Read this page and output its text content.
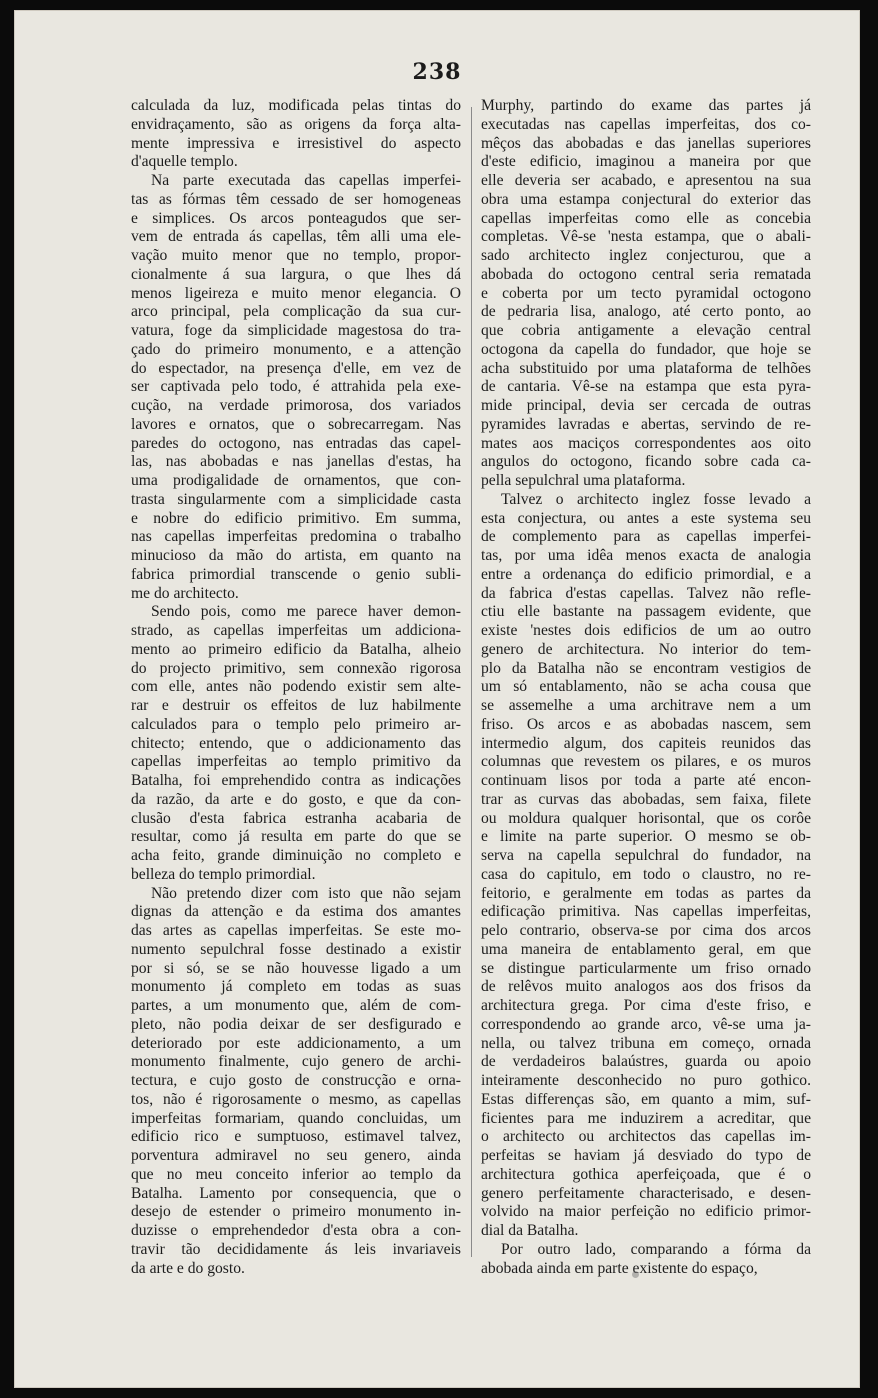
238
calculada da luz, modificada pelas tintas do
envidraçamento, são as origens da força alta-
mente impressiva e irresistivel do aspecto
d'aquelle templo.
Na parte executada das capellas imperfei-
tas as fórmas têm cessado de ser homogeneas
e simplices. Os arcos ponteagudos que ser-
vem de entrada ás capellas, têm alli uma ele-
vação muito menor que no templo, propor-
cionalmente á sua largura, o que lhes dá
menos ligeireza e muito menor elegancia. O
arco principal, pela complicação da sua cur-
vatura, foge da simplicidade magestosa do tra-
çado do primeiro monumento, e a attenção
do espectador, na presença d'elle, em vez de
ser captivada pelo todo, é attrahida pela exe-
cução, na verdade primorosa, dos variados
lavores e ornatos, que o sobrecarregam. Nas
paredes do octogono, nas entradas das capel-
las, nas abobadas e nas janellas d'estas, ha
uma prodigalidade de ornamentos, que con-
trasta singularmente com a simplicidade casta
e nobre do edificio primitivo. Em summa,
nas capellas imperfeitas predomina o trabalho
minucioso da mão do artista, em quanto na
fabrica primordial transcende o genio subli-
me do architecto.
Sendo pois, como me parece haver demon-
strado, as capellas imperfeitas um addiciona-
mento ao primeiro edificio da Batalha, alheio
do projecto primitivo, sem connexão rigorosa
com elle, antes não podendo existir sem alte-
rar e destruir os effeitos de luz habilmente
calculados para o templo pelo primeiro ar-
chitecto; entendo, que o addicionamento das
capellas imperfeitas ao templo primitivo da
Batalha, foi emprehendido contra as indicações
da razão, da arte e do gosto, e que da con-
clusão d'esta fabrica estranha acabaria de
resultar, como já resulta em parte do que se
acha feito, grande diminuição no completo e
belleza do templo primordial.
Não pretendo dizer com isto que não sejam
dignas da attenção e da estima dos amantes
das artes as capellas imperfeitas. Se este mo-
numento sepulchral fosse destinado a existir
por si só, se se não houvesse ligado a um
monumento já completo em todas as suas
partes, a um monumento que, além de com-
pleto, não podia deixar de ser desfigurado e
deteriorado por este addicionamento, a um
monumento finalmente, cujo genero de archi-
tectura, e cujo gosto de construcção e orna-
tos, não é rigorosamente o mesmo, as capellas
imperfeitas formariam, quando concluidas, um
edificio rico e sumptuoso, estimavel talvez,
porventura admiravel no seu genero, ainda
que no meu conceito inferior ao templo da
Batalha. Lamento por consequencia, que o
desejo de estender o primeiro monumento in-
duzisse o emprehendedor d'esta obra a con-
travir tão decididamente ás leis invariaveis
da arte e do gosto.
Murphy, partindo do exame das partes já
executadas nas capellas imperfeitas, dos co-
mêços das abobadas e das janellas superiores
d'este edificio, imaginou a maneira por que
elle deveria ser acabado, e apresentou na sua
obra uma estampa conjectural do exterior das
capellas imperfeitas como elle as concebia
completas. Vê-se 'nesta estampa, que o abali-
sado architecto inglez conjecturou, que a
abobada do octogono central seria rematada
e coberta por um tecto pyramidal octogono
de pedraria lisa, analogo, até certo ponto, ao
que cobria antigamente a elevação central
octogona da capella do fundador, que hoje se
acha substituido por uma plataforma de telhões
de cantaria. Vê-se na estampa que esta pyra-
mide principal, devia ser cercada de outras
pyramides lavradas e abertas, servindo de re-
mates aos maciços correspondentes aos oito
angulos do octogono, ficando sobre cada ca-
pella sepulchral uma plataforma.
Talvez o architecto inglez fosse levado a
esta conjectura, ou antes a este systema seu
de complemento para as capellas imperfei-
tas, por uma idêa menos exacta de analogia
entre a ordenança do edificio primordial, e a
da fabrica d'estas capellas. Talvez não refle-
ctiu elle bastante na passagem evidente, que
existe 'nestes dois edificios de um ao outro
genero de architectura. No interior do tem-
plo da Batalha não se encontram vestigios de
um só entablamento, não se acha cousa que
se assemelhe a uma architrave nem a um
friso. Os arcos e as abobadas nascem, sem
intermedio algum, dos capiteis reunidos das
columnas que revestem os pilares, e os muros
continuam lisos por toda a parte até encon-
trar as curvas das abobadas, sem faixa, filete
ou moldura qualquer horisontal, que os corôe
e limite na parte superior. O mesmo se ob-
serva na capella sepulchral do fundador, na
casa do capitulo, em todo o claustro, no re-
feitorio, e geralmente em todas as partes da
edificação primitiva. Nas capellas imperfeitas,
pelo contrario, observa-se por cima dos arcos
uma maneira de entablamento geral, em que
se distingue particularmente um friso ornado
de relêvos muito analogos aos dos frisos da
architectura grega. Por cima d'este friso, e
correspondendo ao grande arco, vê-se uma ja-
nella, ou talvez tribuna em começo, ornada
de verdadeiros balaústres, guarda ou apoio
inteiramente desconhecido no puro gothico.
Estas differenças são, em quanto a mim, suf-
ficientes para me induzirem a acreditar, que
o architecto ou architectos das capellas im-
perfeitas se haviam já desviado do typo de
architectura gothica aperfeiçoada, que é o
genero perfeitamente characterisado, e desen-
volvido na maior perfeição no edificio primor-
dial da Batalha.
Por outro lado, comparando a fórma da
abobada ainda em parte existente do espaço,
